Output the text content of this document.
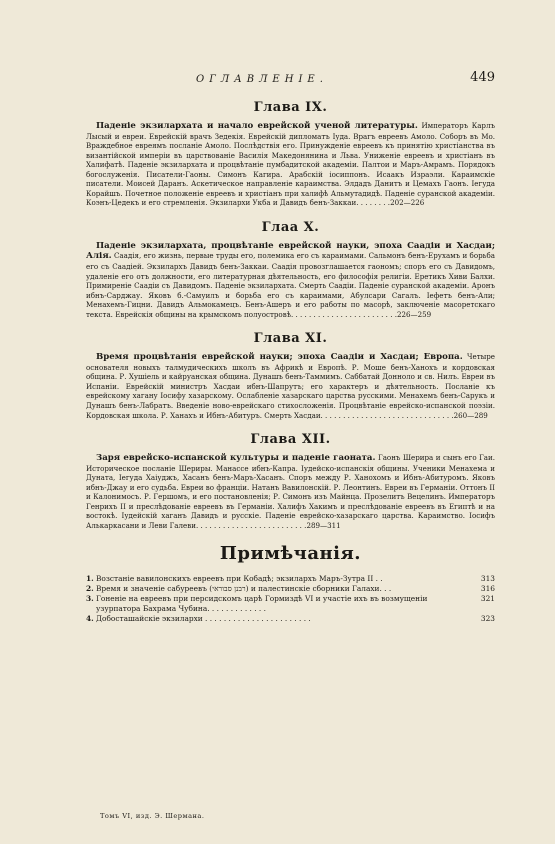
ОГЛАВЛЕНІЕ.	449
Глава IX.

Паденіе экзилархата и начало еврейской ученой литературы. Императоръ Карлъ Лысый и евреи. Еврейскій врачъ Зедекія. Еврейскій дипломатъ Іуда. Врагъ евреевъ Амоло. Соборъ въ Мо. Враждебное евреямъ посланіе Амоло. Послѣдствія его. Принужденіе евреевъ къ принятію христіанства въ византійской имперіи въ царствованіе Василія Македонянина и Льва. Униженіе евреевъ и христіанъ въ Халифатѣ. Паденіе экзилархата и процвѣтаніе пумбадитской академіи. Палтои и Маръ-Амрамъ. Порядокъ богослуженія. Писатели-Гаоны. Симонъ Кагира. Арабскій іосиппонъ. Исаакъ Израэли. Караимскіе писатели. Моисей Даранъ. Аскетическое направленіе караимства. Элдадъ Данитъ и Цемахъ Гаонъ. Іегуда Корайшъ. Почетное положеніе евреевъ и христіанъ при халифѣ Альмутадидѣ. Паденіе суранской академіи. Коэнъ-Цедекъ и его стремленія. Экзилархи Укба и Давидъ бенъ-Заккаи. . . . . . . .202—226

Глаа Х.

Паденіе экзилархата, процвѣтаніе еврейской науки, эпоха Саадіи и Хасдаи; Алія. Саадія, его жизнь, первые труды его, полемика его съ караимами. Сальмонъ бенъ-Ерухамъ и борьба его съ Саадіей. Экзилархъ Давидъ бенъ-Заккаи. Саадія провозглашается гаономъ; споръ его съ Давидомъ, удаленіе его отъ должности, его литературная дѣятельность, его философія религіи. Еретикъ Хиви Балхи. Примиреніе Саадіи съ Давидомъ. Паденіе экзилархата. Смерть Саадіи. Паденіе суранской академіи. Аронъ ибнъ-Сарджау. Яковъ б.-Самуилъ и борьба его съ караимами, Абулсари Сагалъ. Іефетъ бенъ-Али; Менахемъ-Гицни. Давидъ Альмокамецъ. Бенъ-Ашеръ и его работы по масорѣ, заключеніе масоретскаго текста. Еврейскія общины на крымскомъ полуостровѣ. . . . . . . . . . . . . . . . . . . . . . . .226—259

Глава XI.

Время процвѣтанія еврейской науки; эпоха Саадіи и Хасдаи; Европа. Четыре основателя новыхъ талмудическихъ школъ въ Африкѣ и Европѣ. Р. Моше бенъ-Ханохъ и кордовская община. Р. Хушіель и кайруанская община. Дунашъ бенъ-Таммимъ. Саббатай Донноло и св. Нилъ. Евреи въ Испаніи. Еврейскій министръ Хасдаи ибнъ-Шапрутъ; его характеръ и дѣятельность. Посланіе къ еврейскому хагану Іосифу хазарскому. Ослабленіе хазарскаго царства русскими. Менахемъ бенъ-Сарукъ и Дунашъ бенъ-Лабратъ. Введеніе ново-еврейскаго стихосложенія. Процвѣтаніе еврейско-испанской поэзіи. Кордовская школа. Р. Ханахъ и Ибнъ-Абитуръ. Смерть Хасдаи. . . . . . . . . . . . . . . . . . . . . . . . . . . . . .260—289

Глава XII.

Заря еврейско-испанской культуры и паденіе гаоната. Гаонъ Шерира и сынъ его Гаи. Историческое посланіе Шериры. Манассе ибнъ-Капра. Іудейско-испанскія общины. Ученики Менахема и Дуната, Іегуда Хаіуджъ, Хасанъ бенъ-Маръ-Хасанъ. Споръ между Р. Ханохомъ и Ибнъ-Абитуромъ. Яковъ ибнъ-Джау и его судьба. Евреи во франціи. Натанъ Вавилонскій. Р. Леонтинъ. Евреи въ Германіи. Оттонъ II и Калонимосъ. Р. Гершомъ, и его постановленія; Р. Симонъ изъ Майнца. Прозелитъ Вецелинъ. Императоръ Генрихъ II и преслѣдованіе евреевъ въ Германіи. Халифъ Хакимъ и преслѣдованіе евреевъ въ Египтѣ и на востокѣ. Іудейскій хаганъ Давидъ и русскіе. Паденіе еврейско-хазарскаго царства. Караимство. Іосифъ Алькаркасани и Леви Галеви. . . . . . . . . . . . . . . . . . . . . . . . .289—311

Примѣчанія.
1. Возстаніе вавилонскихъ евреевъ при Кобадѣ; экзилархъ Маръ-Зутра II . .	313
2. Время и значеніе сабуреевъ (רבנן סבוראי) и палестинскіе сборники Галахи. . .	316
3. Гоненіе на евреевъ при персидскомъ царѣ Гормиздѣ VI и участіе ихъ въ возмущеніи узурпатора Бахрама Чубина. . . . . . . . . . . . .
321
4. Добосташайскіе экзилархи . . . . . . . . . . . . . . . . . . . . . . .	323
Томъ VI, изд. Э. Шермана.
